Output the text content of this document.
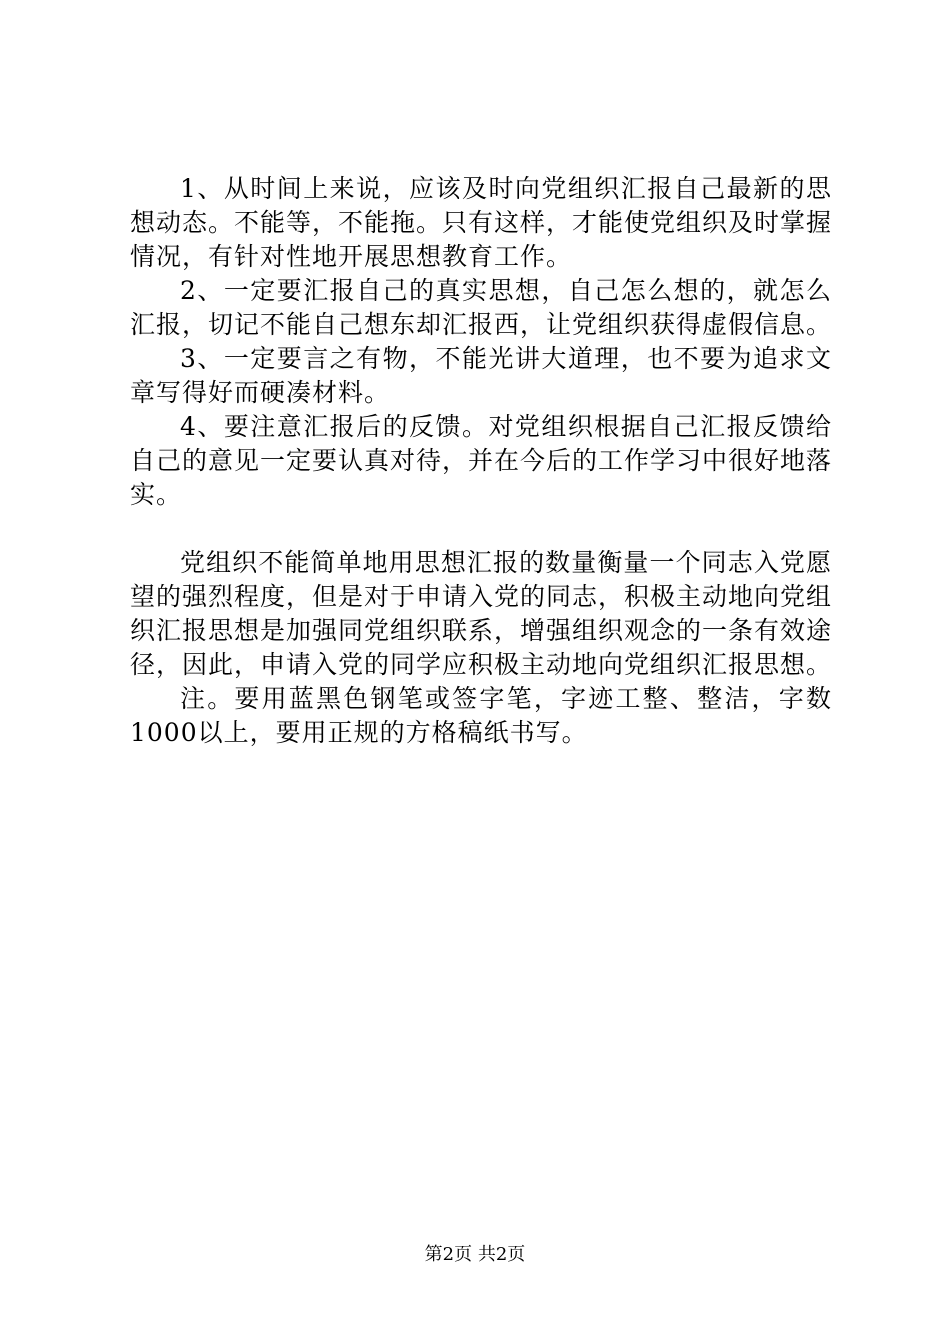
1、从时间上来说，应该及时向党组织汇报自己最新的思想动态。不能等，不能拖。只有这样，才能使党组织及时掌握情况，有针对性地开展思想教育工作。

2、一定要汇报自己的真实思想，自己怎么想的，就怎么汇报，切记不能自己想东却汇报西，让党组织获得虚假信息。

3、一定要言之有物，不能光讲大道理，也不要为追求文章写得好而硬凑材料。

4、要注意汇报后的反馈。对党组织根据自己汇报反馈给自己的意见一定要认真对待，并在今后的工作学习中很好地落实。

党组织不能简单地用思想汇报的数量衡量一个同志入党愿望的强烈程度，但是对于申请入党的同志，积极主动地向党组织汇报思想是加强同党组织联系，增强组织观念的一条有效途径，因此，申请入党的同学应积极主动地向党组织汇报思想。

注。要用蓝黑色钢笔或签字笔，字迹工整、整洁，字数1000以上，要用正规的方格稿纸书写。

第2页 共2页
